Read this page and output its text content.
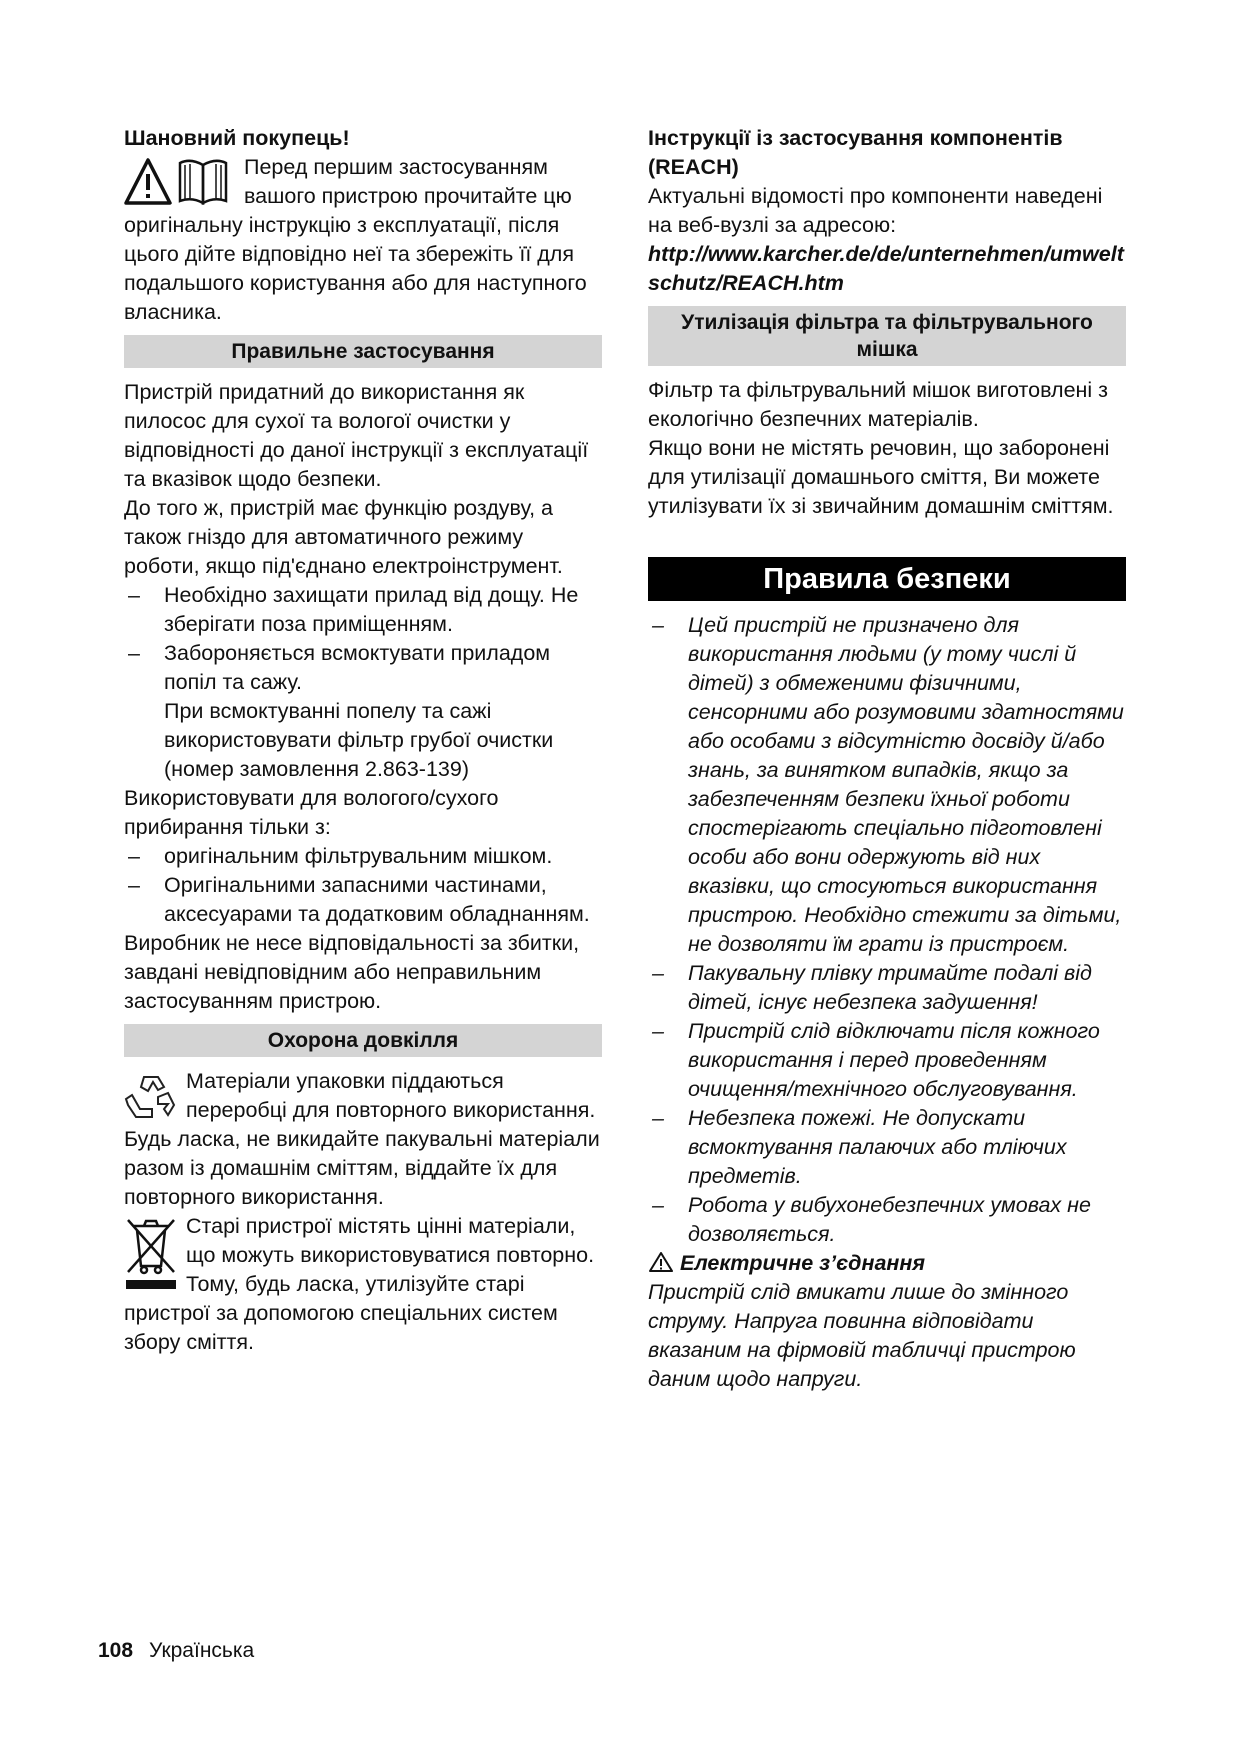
Шановний покупець!

Перед першим застосуванням вашого пристрою прочитайте цю оригінальну інструкцію з експлуатації, після цього дійте відповідно неї та збережіть її для подальшого користування або для наступного власника.

Правильне застосування

Пристрій придатний до використання як пилосос для сухої та вологої очистки у відповідності до даної інструкції з експлуатації та вказівок щодо безпеки.

До того ж, пристрій має функцію роздуву, а також гніздо для автоматичного режиму роботи, якщо під'єднано електроінструмент.

– Необхідно захищати прилад від дощу. Не зберігати поза приміщенням.

– Забороняється всмоктувати приладом попіл та сажу.

При всмоктуванні попелу та сажі використовувати фільтр грубої очистки (номер замовлення 2.863-139)

Використовувати для вологого/сухого прибирання тільки з:

– оригінальним фільтрувальним мішком.

– Оригінальними запасними частинами, аксесуарами та додатковим обладнанням.

Виробник не несе відповідальності за збитки, завдані невідповідним або неправильним застосуванням пристрою.

Охорона довкілля

Матеріали упаковки піддаються переробці для повторного використання. Будь ласка, не викидайте пакувальні матеріали разом із домашнім сміттям, віддайте їх для повторного використання.

Старі пристрої містять цінні матеріали, що можуть використовуватися повторно. Тому, будь ласка, утилізуйте старі пристрої за допомогою спеціальних систем збору сміття.

Інструкції із застосування компонентів (REACH)

Актуальні відомості про компоненти наведені на веб-вузлі за адресою:

http://www.karcher.de/de/unternehmen/umweltschutz/REACH.htm

Утилізація фільтра та фільтрувального мішка

Фільтр та фільтрувальний мішок виготовлені з екологічно безпечних матеріалів.

Якщо вони не містять речовин, що заборонені для утилізації домашнього сміття, Ви можете утилізувати їх зі звичайним домашнім сміттям.

Правила безпеки

– Цей пристрій не призначено для використання людьми (у тому числі й дітей) з обмеженими фізичними, сенсорними або розумовими здатностями або особами з відсутністю досвіду й/або знань, за винятком випадків, якщо за забезпеченням безпеки їхньої роботи спостерігають спеціально підготовлені особи або вони одержують від них вказівки, що стосуються використання пристрою. Необхідно стежити за дітьми, не дозволяти їм грати із пристроєм.

– Пакувальну плівку тримайте подалі від дітей, існує небезпека задушення!

– Пристрій слід відключати після кожного використання і перед проведенням очищення/технічного обслуговування.

– Небезпека пожежі. Не допускати всмоктування палаючих або тліючих предметів.

– Робота у вибухонебезпечних умовах не дозволяється.

Електричне з’єднання

Пристрій слід вмикати лише до змінного струму. Напруга повинна відповідати вказаним на фірмовій табличці пристрою даним щодо напруги.

108 Українська
